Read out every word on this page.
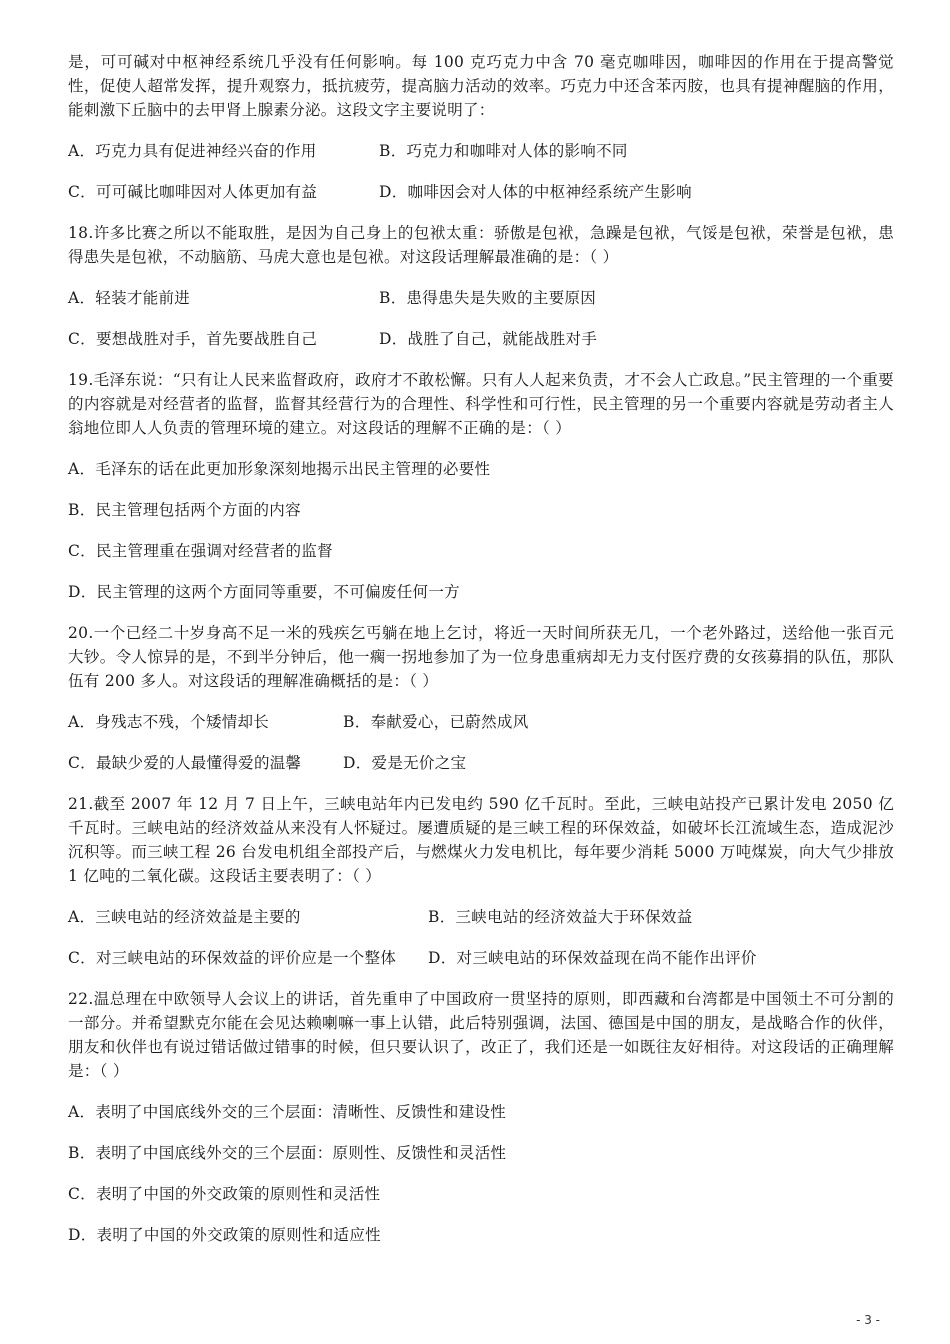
是，可可碱对中枢神经系统几乎没有任何影响。每 100 克巧克力中含 70 毫克咖啡因，咖啡因的作用在于提高警觉性，促使人超常发挥，提升观察力，抵抗疲劳，提高脑力活动的效率。巧克力中还含苯丙胺，也具有提神醒脑的作用，能刺激下丘脑中的去甲肾上腺素分泌。这段文字主要说明了：

A．巧克力具有促进神经兴奋的作用	B．巧克力和咖啡对人体的影响不同
C．可可碱比咖啡因对人体更加有益	D．咖啡因会对人体的中枢神经系统产生影响

18.许多比赛之所以不能取胜，是因为自己身上的包袱太重：骄傲是包袱，急躁是包袱，气馁是包袱，荣誉是包袱，患得患失是包袱，不动脑筋、马虎大意也是包袱。对这段话理解最准确的是：（ ）

A．轻装才能前进	B．患得患失是失败的主要原因
C．要想战胜对手，首先要战胜自己	D．战胜了自己，就能战胜对手

19.毛泽东说：“只有让人民来监督政府，政府才不敢松懈。只有人人起来负责，才不会人亡政息。”民主管理的一个重要的内容就是对经营者的监督，监督其经营行为的合理性、科学性和可行性，民主管理的另一个重要内容就是劳动者主人翁地位即人人负责的管理环境的建立。对这段话的理解不正确的是：（ ）

A．毛泽东的话在此更加形象深刻地揭示出民主管理的必要性
B．民主管理包括两个方面的内容
C．民主管理重在强调对经营者的监督
D．民主管理的这两个方面同等重要，不可偏废任何一方

20.一个已经二十岁身高不足一米的残疾乞丐躺在地上乞讨，将近一天时间所获无几，一个老外路过，送给他一张百元大钞。令人惊异的是，不到半分钟后，他一瘸一拐地参加了为一位身患重病却无力支付医疗费的女孩募捐的队伍，那队伍有 200 多人。对这段话的理解准确概括的是：（ ）

A．身残志不残，个矮情却长	B．奉献爱心，已蔚然成风
C．最缺少爱的人最懂得爱的温馨	D．爱是无价之宝

21.截至 2007 年 12 月 7 日上午，三峡电站年内已发电约 590 亿千瓦时。至此，三峡电站投产已累计发电 2050 亿千瓦时。三峡电站的经济效益从来没有人怀疑过。屡遭质疑的是三峡工程的环保效益，如破坏长江流域生态，造成泥沙沉积等。而三峡工程 26 台发电机组全部投产后，与燃煤火力发电机比，每年要少消耗 5000 万吨煤炭，向大气少排放 1 亿吨的二氧化碳。这段话主要表明了：（ ）

A．三峡电站的经济效益是主要的	B．三峡电站的经济效益大于环保效益
C．对三峡电站的环保效益的评价应是一个整体	D．对三峡电站的环保效益现在尚不能作出评价

22.温总理在中欧领导人会议上的讲话，首先重申了中国政府一贯坚持的原则，即西藏和台湾都是中国领土不可分割的一部分。并希望默克尔能在会见达赖喇嘛一事上认错，此后特别强调，法国、德国是中国的朋友，是战略合作的伙伴，朋友和伙伴也有说过错话做过错事的时候，但只要认识了，改正了，我们还是一如既往友好相待。对这段话的正确理解是：（ ）

A．表明了中国底线外交的三个层面：清晰性、反馈性和建设性
B．表明了中国底线外交的三个层面：原则性、反馈性和灵活性
C．表明了中国的外交政策的原则性和灵活性
D．表明了中国的外交政策的原则性和适应性
- 3 -
